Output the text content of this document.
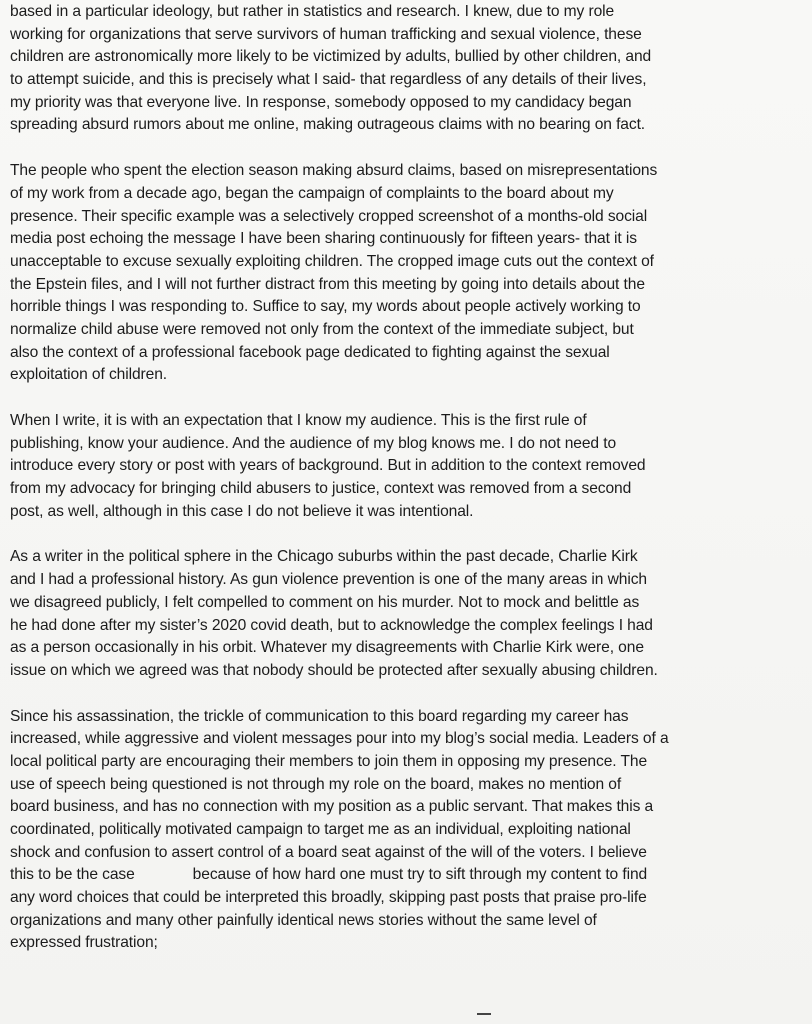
based in a particular ideology, but rather in statistics and research. I knew, due to my role
working for organizations that serve survivors of human trafficking and sexual violence, these
children are astronomically more likely to be victimized by adults, bullied by other children, and
to attempt suicide, and this is precisely what I said- that regardless of any details of their lives,
my priority was that everyone live. In response, somebody opposed to my candidacy began
spreading absurd rumors about me online, making outrageous claims with no bearing on fact.
The people who spent the election season making absurd claims, based on misrepresentations
of my work from a decade ago, began the campaign of complaints to the board about my
presence. Their specific example was a selectively cropped screenshot of a months-old social
media post echoing the message I have been sharing continuously for fifteen years- that it is
unacceptable to excuse sexually exploiting children. The cropped image cuts out the context of
the Epstein files, and I will not further distract from this meeting by going into details about the
horrible things I was responding to. Suffice to say, my words about people actively working to
normalize child abuse were removed not only from the context of the immediate subject, but
also the context of a professional facebook page dedicated to fighting against the sexual
exploitation of children.
When I write, it is with an expectation that I know my audience. This is the first rule of
publishing, know your audience. And the audience of my blog knows me. I do not need to
introduce every story or post with years of background. But in addition to the context removed
from my advocacy for bringing child abusers to justice, context was removed from a second
post, as well, although in this case I do not believe it was intentional.
As a writer in the political sphere in the Chicago suburbs within the past decade, Charlie Kirk
and I had a professional history. As gun violence prevention is one of the many areas in which
we disagreed publicly, I felt compelled to comment on his murder. Not to mock and belittle as
he had done after my sister’s 2020 covid death, but to acknowledge the complex feelings I had
as a person occasionally in his orbit. Whatever my disagreements with Charlie Kirk were, one
issue on which we agreed was that nobody should be protected after sexually abusing children.
Since his assassination, the trickle of communication to this board regarding my career has
increased, while aggressive and violent messages pour into my blog’s social media. Leaders of a
local political party are encouraging their members to join them in opposing my presence. The
use of speech being questioned is not through my role on the board, makes no mention of
board business, and has no connection with my position as a public servant. That makes this a
coordinated, politically motivated campaign to target me as an individual, exploiting national
shock and confusion to assert control of a board seat against of the will of the voters. I believe
this to be the case	because of how hard one must try to sift through my content to find
any word choices that could be interpreted this broadly, skipping past posts that praise pro-life
organizations and many other painfully identical news stories without the same level of
expressed frustration;
